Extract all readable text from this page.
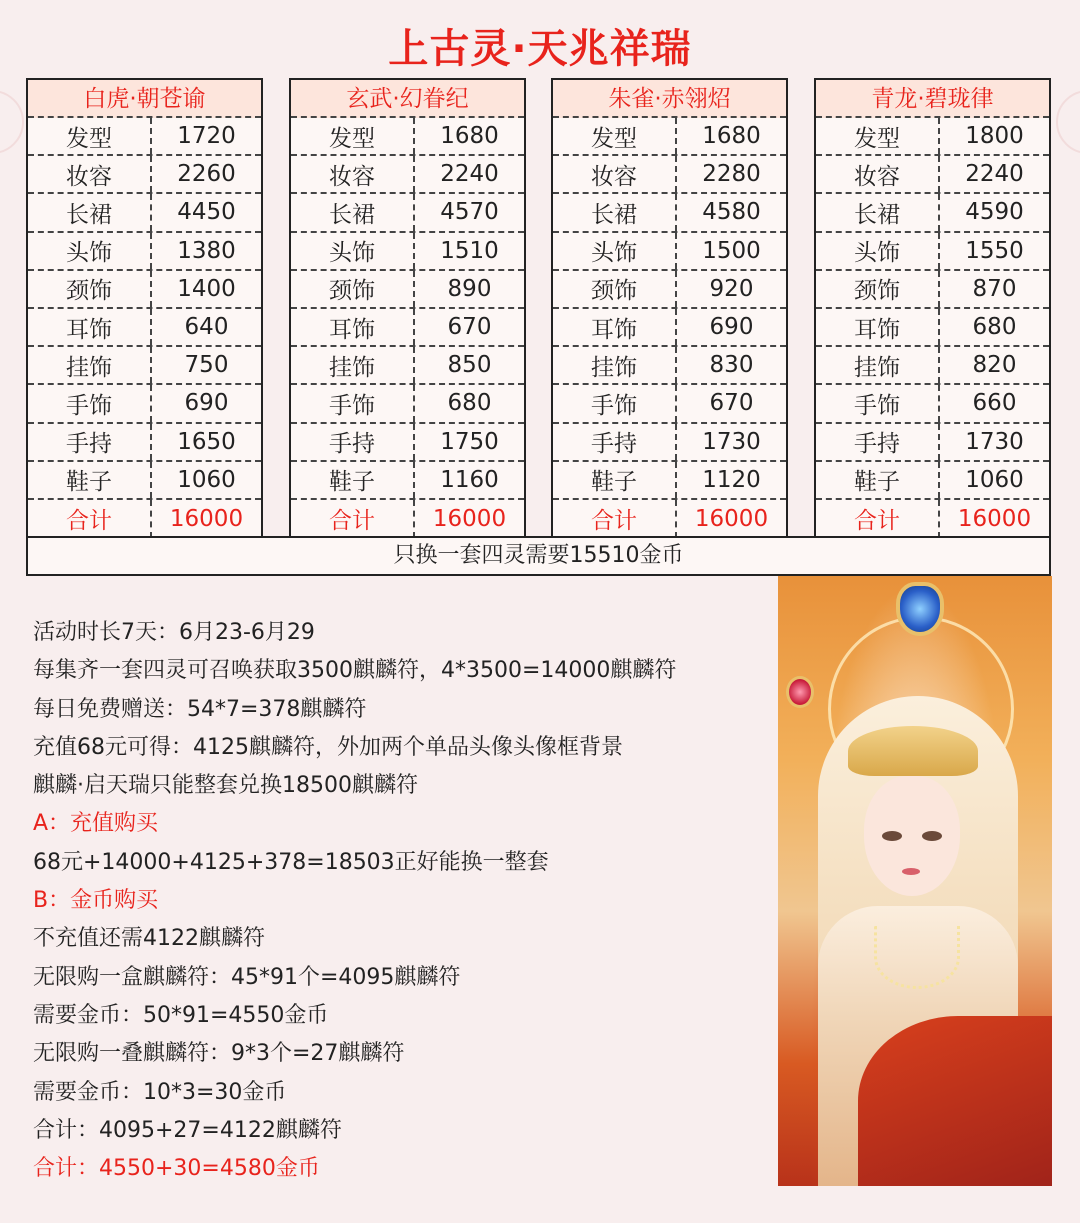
上古灵·天兆祥瑞
白虎·朝苍谕
发型	1720
妆容	2260
长裙	4450
头饰	1380
颈饰	1400
耳饰	640
挂饰	750
手饰	690
手持	1650
鞋子	1060
合计	16000
玄武·幻眷纪
发型	1680
妆容	2240
长裙	4570
头饰	1510
颈饰	890
耳饰	670
挂饰	850
手饰	680
手持	1750
鞋子	1160
合计	16000
朱雀·赤翎炤
发型	1680
妆容	2280
长裙	4580
头饰	1500
颈饰	920
耳饰	690
挂饰	830
手饰	670
手持	1730
鞋子	1120
合计	16000
青龙·碧珑律
发型	1800
妆容	2240
长裙	4590
头饰	1550
颈饰	870
耳饰	680
挂饰	820
手饰	660
手持	1730
鞋子	1060
合计	16000
只换一套四灵需要15510金币
活动时长7天：6月23-6月29
每集齐一套四灵可召唤获取3500麒麟符，4*3500=14000麒麟符
每日免费赠送：54*7=378麒麟符
充值68元可得：4125麒麟符，外加两个单品头像头像框背景
麒麟·启天瑞只能整套兑换18500麒麟符
A：充值购买
68元+14000+4125+378=18503正好能换一整套
B：金币购买
不充值还需4122麒麟符
无限购一盒麒麟符：45*91个=4095麒麟符
需要金币：50*91=4550金币
无限购一叠麒麟符：9*3个=27麒麟符
需要金币：10*3=30金币
合计：4095+27=4122麒麟符
合计：4550+30=4580金币
